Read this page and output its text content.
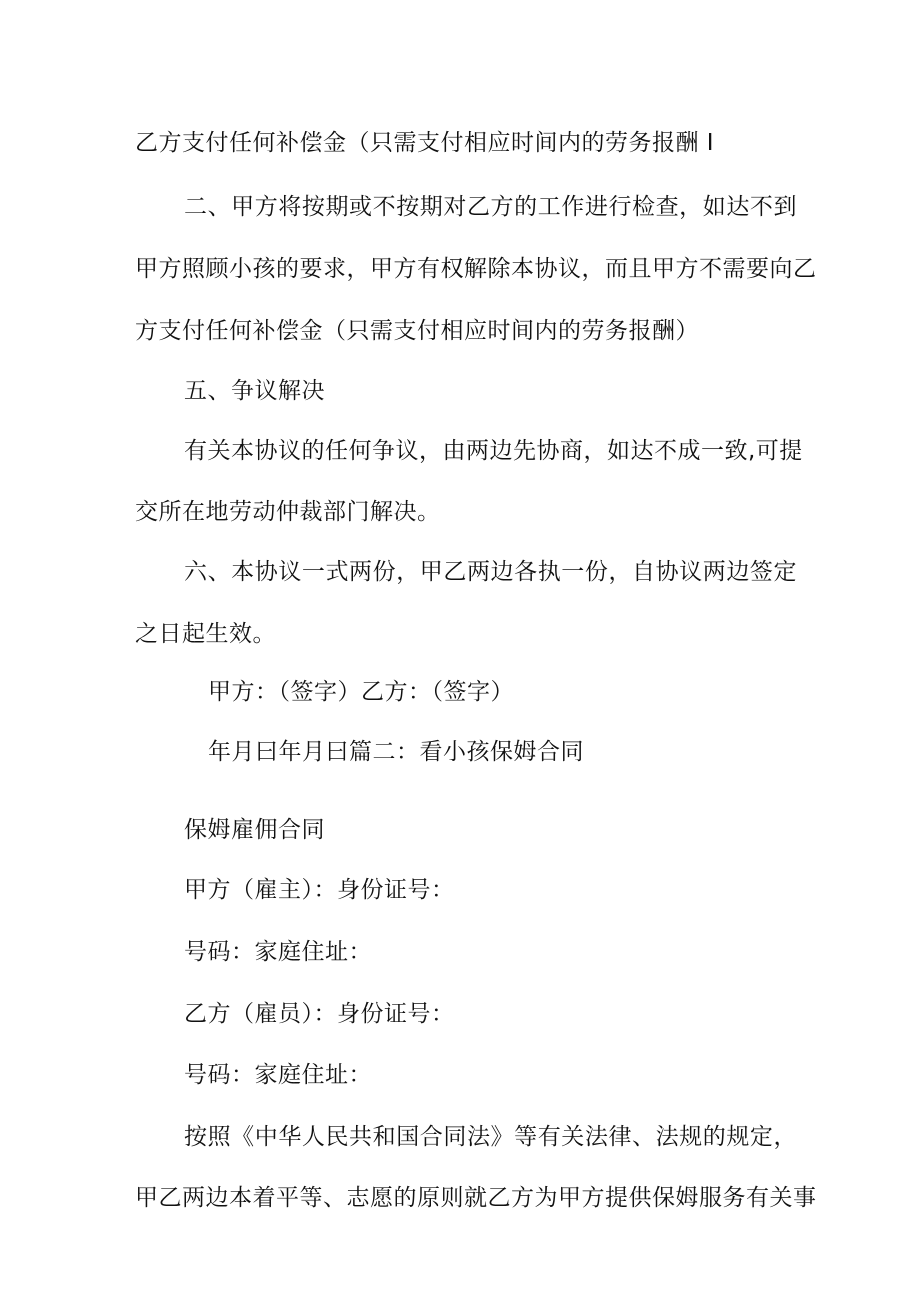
乙方支付任何补偿金（只需支付相应时间内的劳务报酬 I
二、甲方将按期或不按期对乙方的工作进行检查，如达不到
甲方照顾小孩的要求，甲方有权解除本协议，而且甲方不需要向乙
方支付任何补偿金（只需支付相应时间内的劳务报酬）
五、争议解决
有关本协议的任何争议，由两边先协商，如达不成一致,可提
交所在地劳动仲裁部门解决。
六、本协议一式两份，甲乙两边各执一份，自协议两边签定
之日起生效。
甲方：（签字）乙方：（签字）
年月曰年月曰篇二：看小孩保姆合同
保姆雇佣合同
甲方（雇主）：身份证号：
号码：家庭住址：
乙方（雇员）：身份证号：
号码：家庭住址：
按照《中华人民共和国合同法》等有关法律、法规的规定，
甲乙两边本着平等、志愿的原则就乙方为甲方提供保姆服务有关事
